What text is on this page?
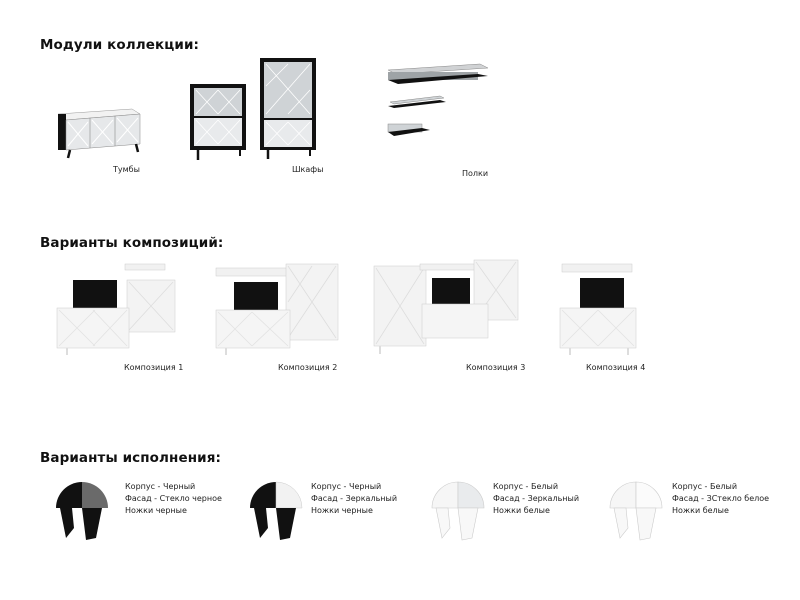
Модули коллекции:
Тумбы	Шкафы	Полки
Варианты композиций:
Композиция 1	Композиция 2	Композиция 3	Композиция 4
Варианты исполнения:
Корпус - Черный
Фасад - Стекло черное
Ножки черные
Корпус - Черный
Фасад - Зеркальный
Ножки черные
Корпус - Белый
Фасад - Зеркальный
Ножки белые
Корпус - Белый
Фасад - ЗСтекло белое
Ножки белые
